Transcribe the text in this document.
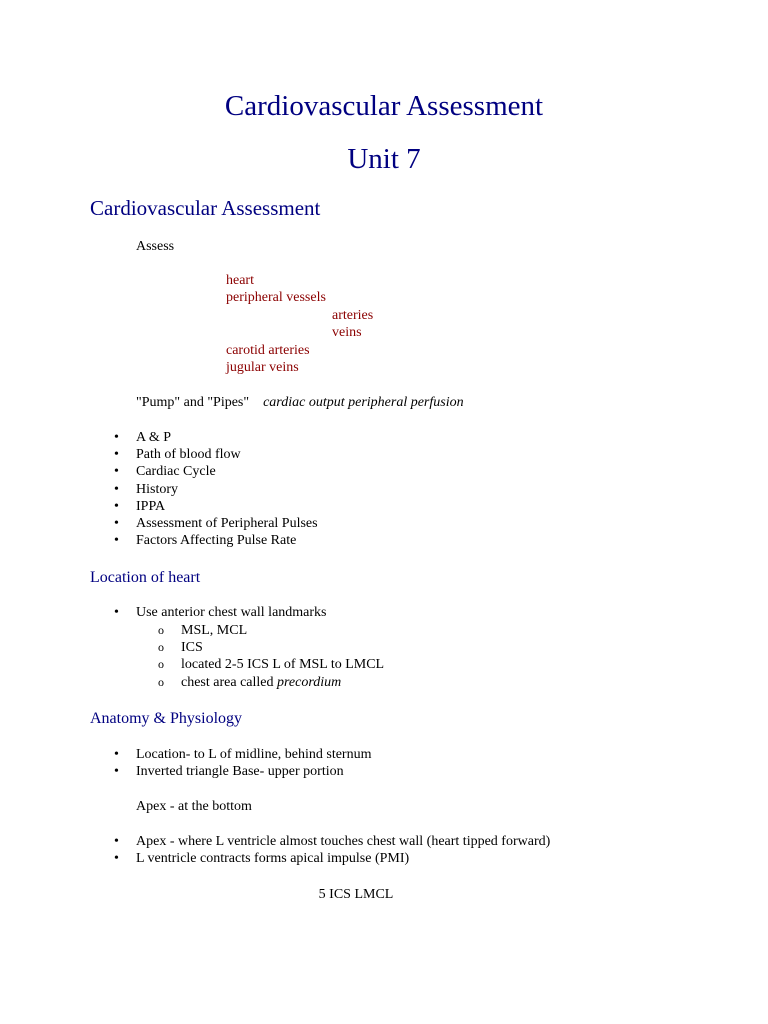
Cardiovascular Assessment
Unit 7
Cardiovascular Assessment
Assess
heart
peripheral vessels
arteries
veins
carotid arteries
jugular veins
"Pump" and "Pipes" cardiac output peripheral perfusion
• A & P
• Path of blood flow
• Cardiac Cycle
• History
• IPPA
• Assessment of Peripheral Pulses
• Factors Affecting Pulse Rate
Location of heart
• Use anterior chest wall landmarks
o MSL, MCL
o ICS
o located 2-5 ICS L of MSL to LMCL
o chest area called precordium
Anatomy & Physiology
• Location- to L of midline, behind sternum
• Inverted triangle Base- upper portion
Apex - at the bottom
• Apex - where L ventricle almost touches chest wall (heart tipped forward)
• L ventricle contracts forms apical impulse (PMI)
5 ICS LMCL
